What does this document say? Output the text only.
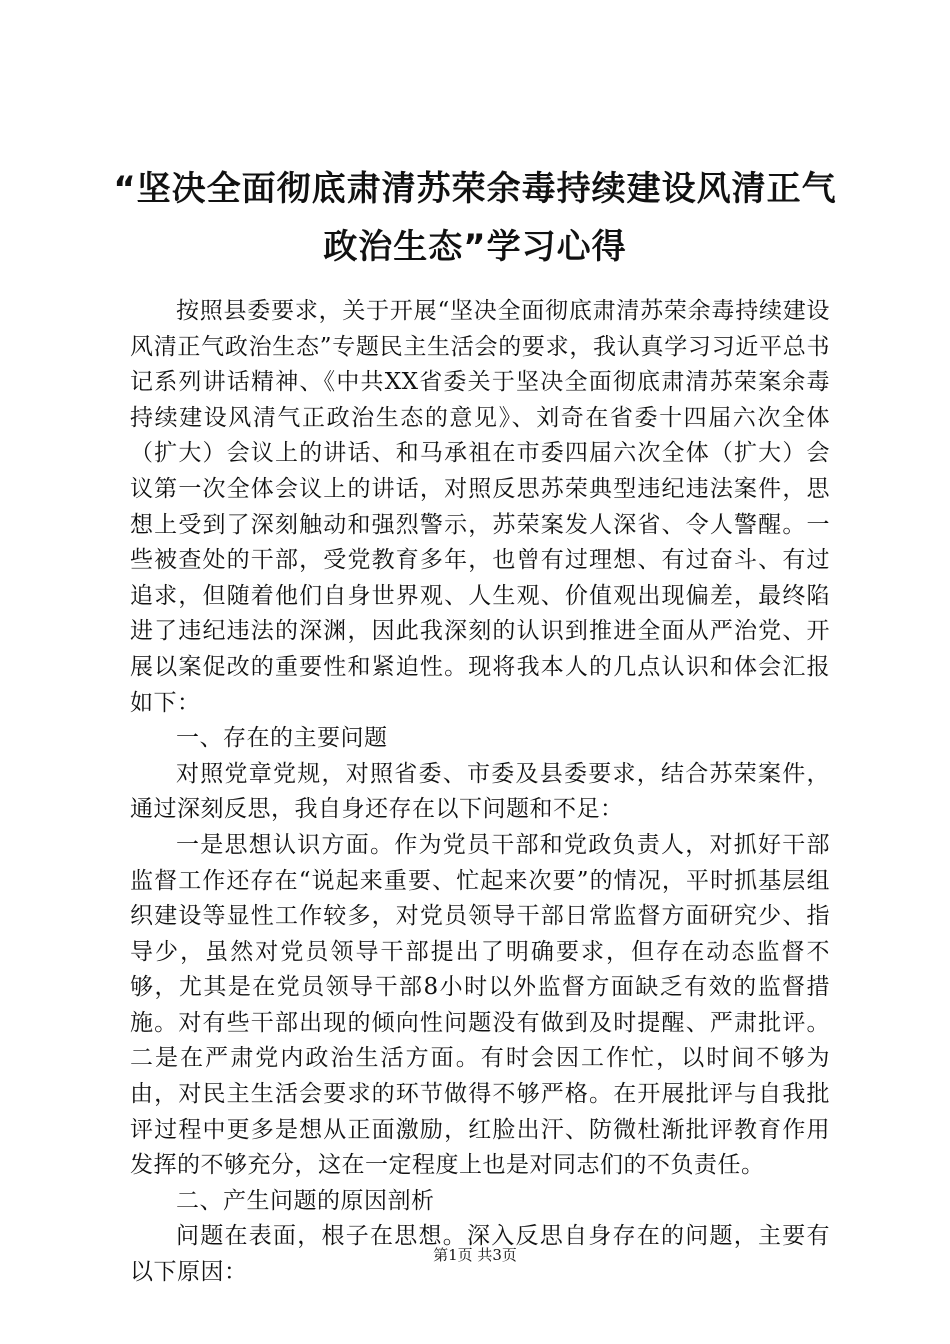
“坚决全面彻底肃清苏荣余毒持续建设风清正气政治生态”学习心得

按照县委要求，关于开展“坚决全面彻底肃清苏荣余毒持续建设风清正气政治生态”专题民主生活会的要求，我认真学习习近平总书记系列讲话精神、《中共XX省委关于坚决全面彻底肃清苏荣案余毒持续建设风清气正政治生态的意见》、刘奇在省委十四届六次全体（扩大）会议上的讲话、和马承祖在市委四届六次全体（扩大）会议第一次全体会议上的讲话，对照反思苏荣典型违纪违法案件，思想上受到了深刻触动和强烈警示，苏荣案发人深省、令人警醒。一些被查处的干部，受党教育多年，也曾有过理想、有过奋斗、有过追求，但随着他们自身世界观、人生观、价值观出现偏差，最终陷进了违纪违法的深渊，因此我深刻的认识到推进全面从严治党、开展以案促改的重要性和紧迫性。现将我本人的几点认识和体会汇报如下：

一、存在的主要问题

对照党章党规，对照省委、市委及县委要求，结合苏荣案件，通过深刻反思，我自身还存在以下问题和不足：

一是思想认识方面。作为党员干部和党政负责人，对抓好干部监督工作还存在“说起来重要、忙起来次要”的情况，平时抓基层组织建设等显性工作较多，对党员领导干部日常监督方面研究少、指导少，虽然对党员领导干部提出了明确要求，但存在动态监督不够，尤其是在党员领导干部8小时以外监督方面缺乏有效的监督措施。对有些干部出现的倾向性问题没有做到及时提醒、严肃批评。二是在严肃党内政治生活方面。有时会因工作忙，以时间不够为由，对民主生活会要求的环节做得不够严格。在开展批评与自我批评过程中更多是想从正面激励，红脸出汗、防微杜渐批评教育作用发挥的不够充分，这在一定程度上也是对同志们的不负责任。

二、产生问题的原因剖析

问题在表面，根子在思想。深入反思自身存在的问题，主要有以下原因：

第1页 共3页
